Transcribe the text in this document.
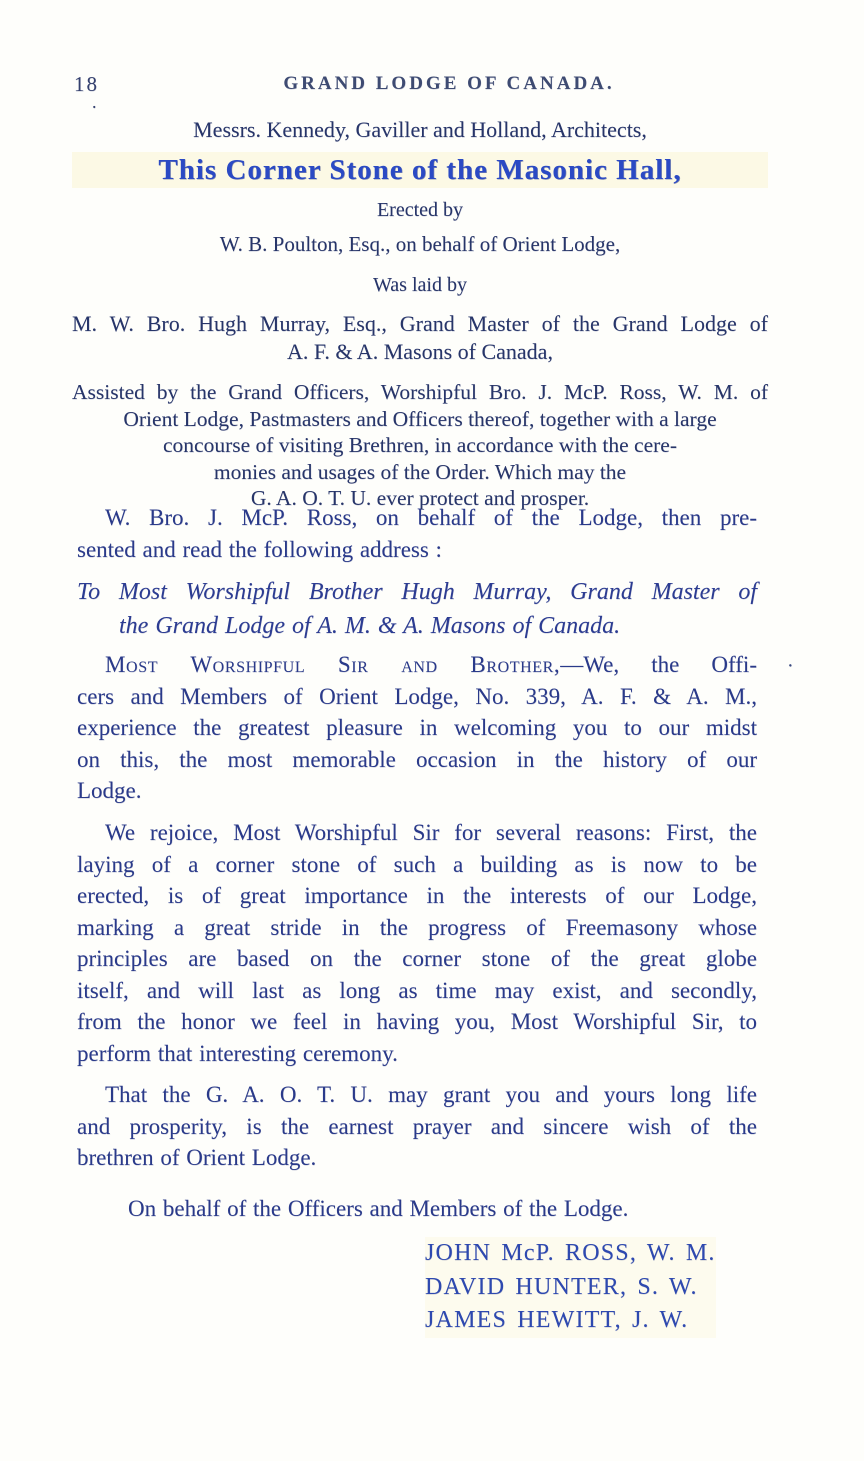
18
.
GRAND LODGE OF CANADA.
Messrs. Kennedy, Gaviller and Holland, Architects,
This Corner Stone of the Masonic Hall,
Erected by
W. B. Poulton, Esq., on behalf of Orient Lodge,
Was laid by
M. W. Bro. Hugh Murray, Esq., Grand Master of the Grand Lodge of
A. F. & A. Masons of Canada,
Assisted by the Grand Officers, Worshipful Bro. J. McP. Ross, W. M. of
Orient Lodge, Pastmasters and Officers thereof, together with a large
concourse of visiting Brethren, in accordance with the cere-
monies and usages of the Order. Which may the
G. A. O. T. U. ever protect and prosper.
W. Bro. J. McP. Ross, on behalf of the Lodge, then pre-
sented and read the following address :
To Most Worshipful Brother Hugh Murray, Grand Master of
the Grand Lodge of A. M. & A. Masons of Canada.
Most Worshipful Sir and Brother,—We, the Offi-
cers and Members of Orient Lodge, No. 339, A. F. & A. M.,
experience the greatest pleasure in welcoming you to our midst
on this, the most memorable occasion in the history of our
Lodge.
·
We rejoice, Most Worshipful Sir for several reasons: First, the
laying of a corner stone of such a building as is now to be
erected, is of great importance in the interests of our Lodge,
marking a great stride in the progress of Freemasony whose
principles are based on the corner stone of the great globe
itself, and will last as long as time may exist, and secondly,
from the honor we feel in having you, Most Worshipful Sir, to
perform that interesting ceremony.
That the G. A. O. T. U. may grant you and yours long life
and prosperity, is the earnest prayer and sincere wish of the
brethren of Orient Lodge.
On behalf of the Officers and Members of the Lodge.
JOHN McP. ROSS, W. M.
DAVID HUNTER, S. W.
JAMES HEWITT, J. W.
